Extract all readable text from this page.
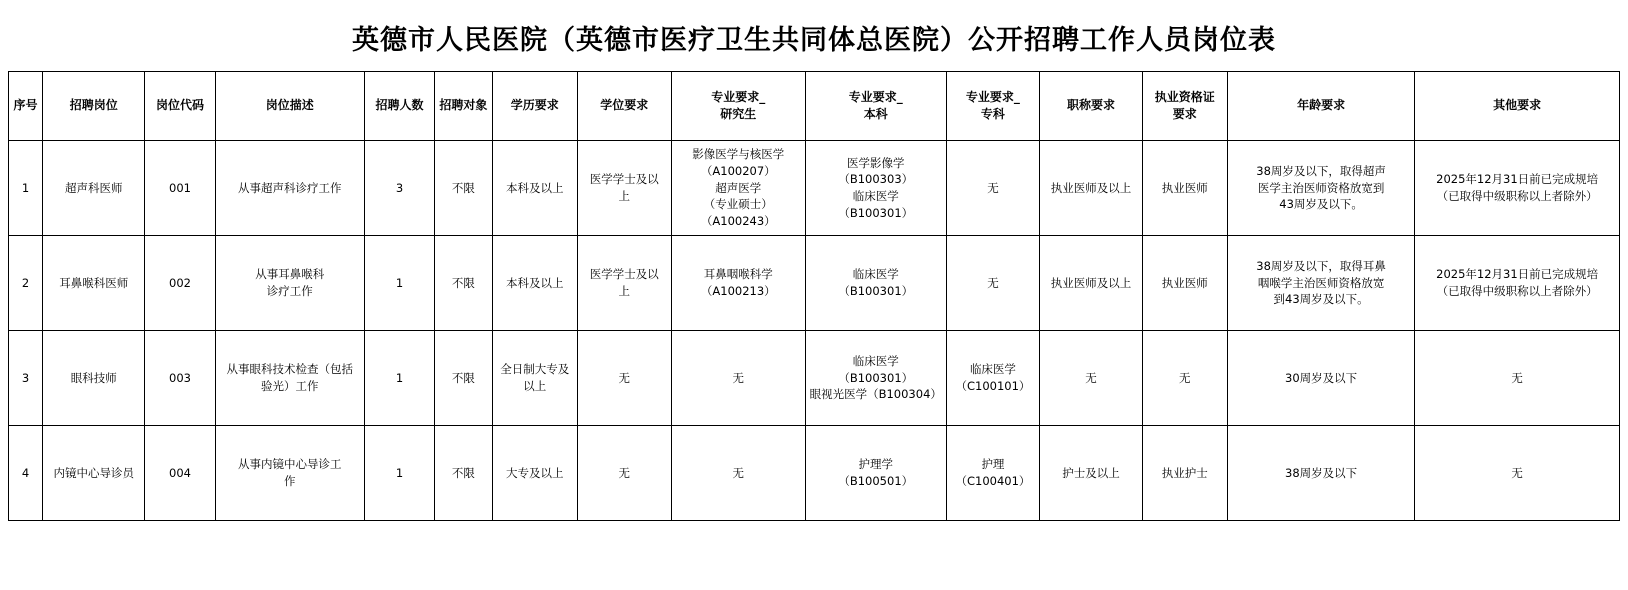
英德市人民医院（英德市医疗卫生共同体总医院）公开招聘工作人员岗位表
序号	招聘岗位	岗位代码	岗位描述	招聘人数	招聘对象	学历要求	学位要求	专业要求_
研究生	专业要求_
本科	专业要求_
专科	职称要求	执业资格证
要求	年龄要求	其他要求

1	超声科医师	001	从事超声科诊疗工作	3	不限	本科及以上	医学学士及以
上	影像医学与核医学
（A100207）
超声医学
（专业硕士）
（A100243）	医学影像学
（B100303）
临床医学
（B100301）	无	执业医师及以上	执业医师	38周岁及以下，取得超声
医学主治医师资格放宽到
43周岁及以下。	2025年12月31日前已完成规培
（已取得中级职称以上者除外）

2	耳鼻喉科医师	002	从事耳鼻喉科
诊疗工作	1	不限	本科及以上	医学学士及以
上	耳鼻咽喉科学
（A100213）	临床医学
（B100301）	无	执业医师及以上	执业医师	38周岁及以下，取得耳鼻
咽喉学主治医师资格放宽
到43周岁及以下。	2025年12月31日前已完成规培
（已取得中级职称以上者除外）

3	眼科技师	003	从事眼科技术检查（包括
验光）工作	1	不限	全日制大专及
以上	无	无	临床医学
（B100301）
眼视光医学（B100304）	临床医学
（C100101）	无	无	30周岁及以下	无

4	内镜中心导诊员	004	从事内镜中心导诊工
作	1	不限	大专及以上	无	无	护理学
（B100501）	护理
（C100401）	护士及以上	执业护士	38周岁及以下	无
